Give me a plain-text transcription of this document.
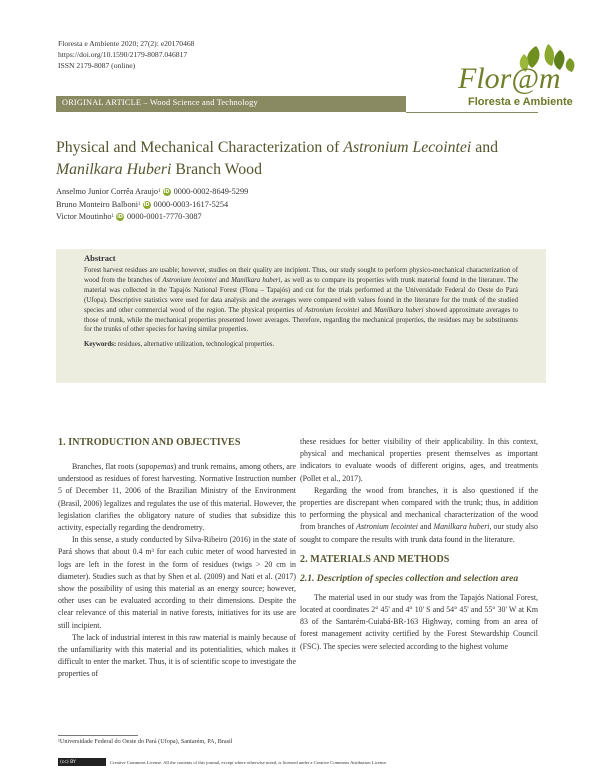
Floresta e Ambiente 2020; 27(2): e20170468
https://doi.org/10.1590/2179-8087.046817
ISSN 2179-8087 (online)	Flor@m
Floresta e Ambiente
ORIGINAL ARTICLE – Wood Science and Technology
Physical and Mechanical Characterization of Astronium Lecointei and
Manilkara Huberi Branch Wood
Anselmo Junior Corrêa Araujo 1 iD 0000-0002-8649-5299
Bruno Monteiro Balboni 1 iD 0000-0003-1617-5254
Victor Moutinho 1 iD 0000-0001-7770-3087
Abstract
Forest harvest residues are usable; however, studies on their quality are incipient. Thus, our study sought to perform physico-mechanical characterization of wood from the branches of Astronium lecointei and Manilkara huberi, as well as to compare its properties with trunk material found in the literature. The material was collected in the Tapajós National Forest (Flona – Tapajós) and cut for the trials performed at the Universidade Federal do Oeste do Pará (Ufopa). Descriptive statistics were used for data analysis and the averages were compared with values found in the literature for the trunk of the studied species and other commercial wood of the region. The physical properties of Astronium lecointei and Manilkara huberi showed approximate averages to those of trunk, while the mechanical properties presented lower averages. Therefore, regarding the mechanical properties, the residues may be substituents for the trunks of other species for having similar properties.
Keywords: residues, alternative utilization, technological properties.
1. INTRODUCTION AND OBJECTIVES
Branches, flat roots (sapopemas) and trunk remains, among others, are understood as residues of forest harvesting. Normative Instruction number 5 of December 11, 2006 of the Brazilian Ministry of the Environment (Brasil, 2006) legalizes and regulates the use of this material. However, the legislation clarifies the obligatory nature of studies that subsidize this activity, especially regarding the dendrometry.
In this sense, a study conducted by Silva-Ribeiro (2016) in the state of Pará shows that about 0.4 m³ for each cubic meter of wood harvested in logs are left in the forest in the form of residues (twigs > 20 cm in diameter). Studies such as that by Shen et al. (2009) and Nati et al. (2017) show the possibility of using this material as an energy source; however, other uses can be evaluated according to their dimensions. Despite the clear relevance of this material in native forests, initiatives for its use are still incipient.
The lack of industrial interest in this raw material is mainly because of the unfamiliarity with this material and its potentialities, which makes it difficult to enter the market. Thus, it is of scientific scope to investigate the properties of
these residues for better visibility of their applicability. In this context, physical and mechanical properties present themselves as important indicators to evaluate woods of different origins, ages, and treatments (Pollet et al., 2017).
Regarding the wood from branches, it is also questioned if the properties are discrepant when compared with the trunk; thus, in addition to performing the physical and mechanical characterization of the wood from branches of Astronium lecointei and Manilkara huberi, our study also sought to compare the results with trunk data found in the literature.
2. MATERIALS AND METHODS
2.1. Description of species collection and selection area
The material used in our study was from the Tapajós National Forest, located at coordinates 2° 45' and 4° 10' S and 54° 45' and 55° 30' W at Km 83 of the Santarém-Cuiabá-BR-163 Highway, coming from an area of forest management activity certified by the Forest Stewardship Council (FSC). The species were selected according to the highest volume
¹Universidade Federal do Oeste do Pará (Ufopa), Santarém, PA, Brasil
(cc) BY	Creative Commons License. All the contents of this journal, except where otherwise noted, is licensed under a Creative Commons Attribution License.
